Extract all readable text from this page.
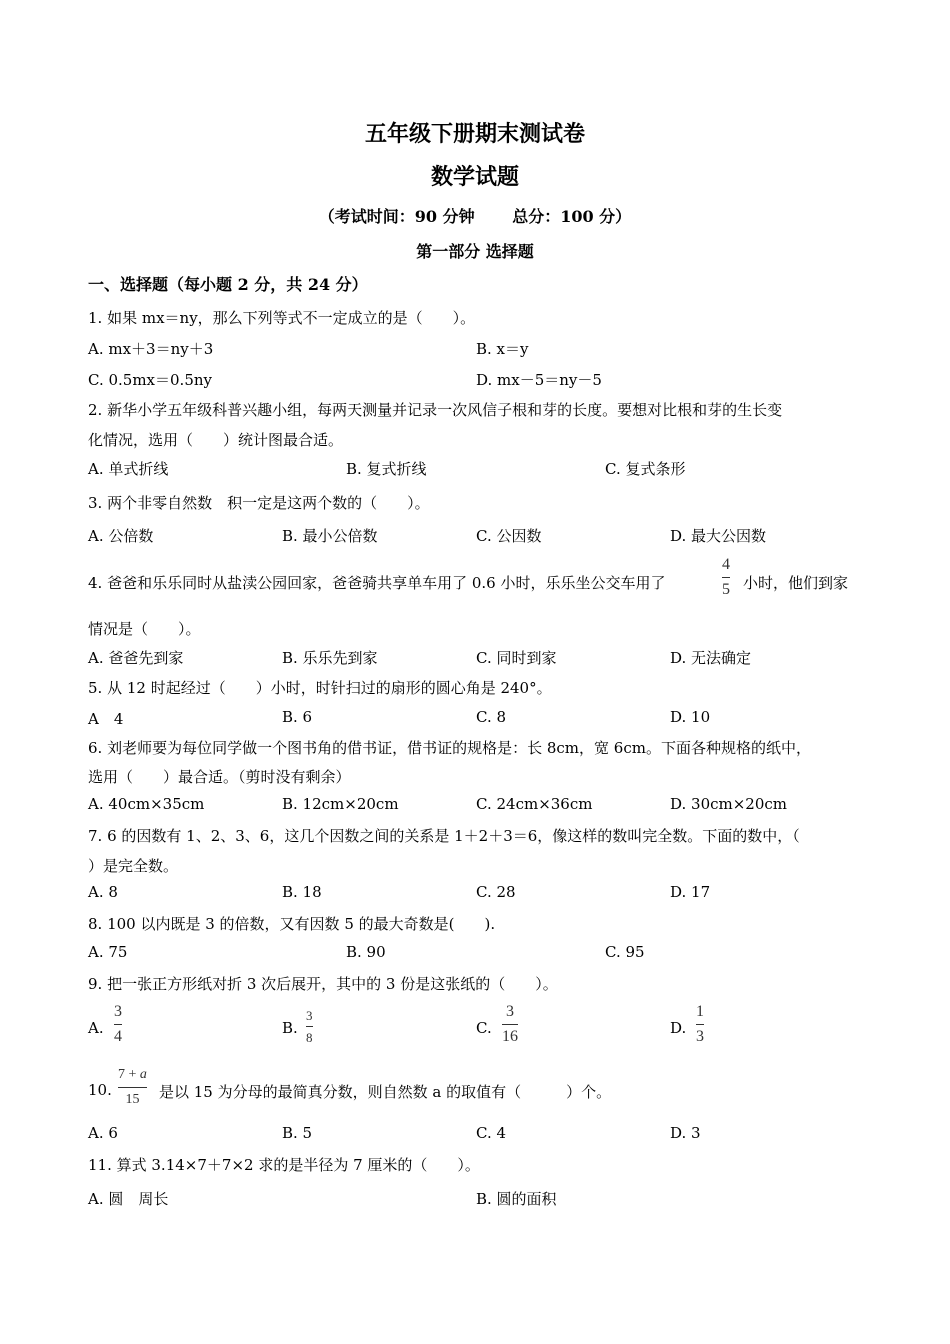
五年级下册期末测试卷
数学试题
（考试时间：90 分钟　　 总分：100 分）
第一部分 选择题
一、选择题（每小题 2 分，共 24 分）
1. 如果 mx＝ny，那么下列等式不一定成立的是（　　）。
A. mx＋3＝ny＋3	B. x＝y
C. 0.5mx＝0.5ny	D. mx－5＝ny－5
2. 新华小学五年级科普兴趣小组，每两天测量并记录一次风信子根和芽的长度。要想对比根和芽的生长变
化情况，选用（　　）统计图最合适。
A. 单式折线	B. 复式折线	C. 复式条形
3. 两个非零自然数　积一定是这两个数的（　　）。
A. 公倍数	B. 最小公倍数	C. 公因数	D. 最大公因数
4. 爸爸和乐乐同时从盐渎公园回家，爸爸骑共享单车用了 0.6 小时，乐乐坐公交车用了
4
5 小时，他们到家
情况是（　　）。
A. 爸爸先到家	B. 乐乐先到家	C. 同时到家	D. 无法确定
5. 从 12 时起经过（　　）小时，时针扫过的扇形的圆心角是 240°。
A　4	B. 6	C. 8	D. 10
6. 刘老师要为每位同学做一个图书角的借书证，借书证的规格是：长 8cm，宽 6cm。下面各种规格的纸中，
选用（　　）最合适。（剪时没有剩余）
A. 40cm×35cm	B. 12cm×20cm	C. 24cm×36cm	D. 30cm×20cm
7. 6 的因数有 1、2、3、6，这几个因数之间的关系是 1＋2＋3＝6，像这样的数叫完全数。下面的数中，（
）是完全数。
A. 8	B. 18	C. 28	D. 17
8. 100 以内既是 3 的倍数，又有因数 5 的最大奇数是(　　).
A. 75	B. 90	C. 95
9. 把一张正方形纸对折 3 次后展开，其中的 3 份是这张纸的（　　）。
A.
3
4	B.
3
8
C.
3
16	D.
1
3
10.
7 + a
15 是以 15 为分母的最简真分数，则自然数 a 的取值有（　　　）个。
A. 6	B. 5	C. 4	D. 3
11. 算式 3.14×7＋7×2 求的是半径为 7 厘米的（　　）。
A. 圆　周长	B. 圆的面积
